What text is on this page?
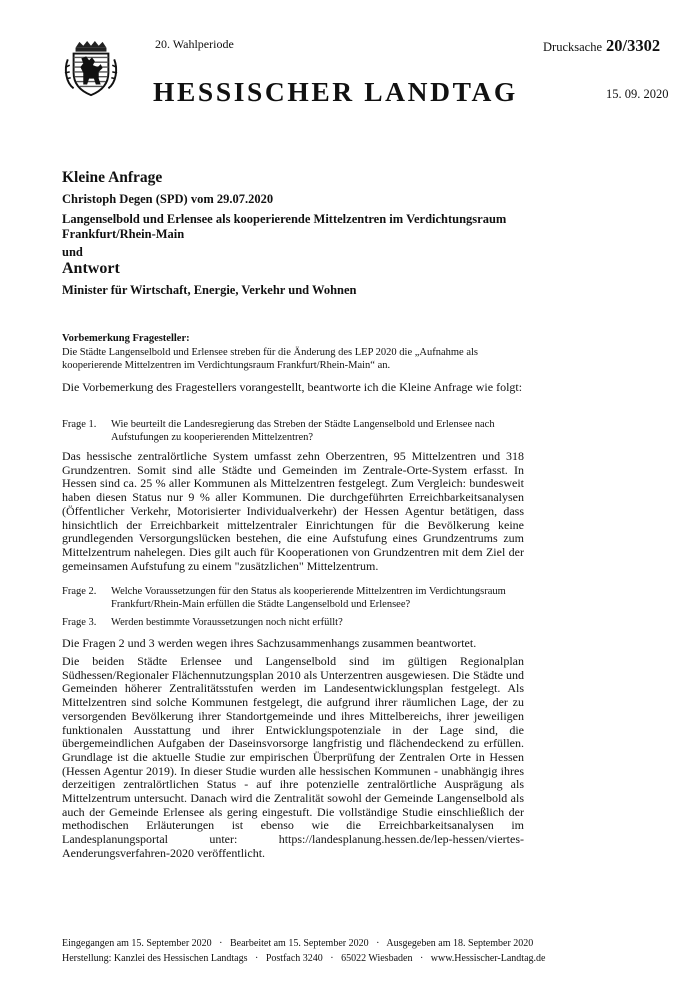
20. Wahlperiode	Drucksache 20/3302
HESSISCHER LANDTAG	15. 09. 2020
Kleine Anfrage
Christoph Degen (SPD) vom 29.07.2020
Langenselbold und Erlensee als kooperierende Mittelzentren im Verdichtungsraum Frankfurt/Rhein-Main
und
Antwort
Minister für Wirtschaft, Energie, Verkehr und Wohnen
Vorbemerkung Fragesteller:
Die Städte Langenselbold und Erlensee streben für die Änderung des LEP 2020 die „Aufnahme als kooperierende Mittelzentren im Verdichtungsraum Frankfurt/Rhein-Main“ an.
Die Vorbemerkung des Fragestellers vorangestellt, beantworte ich die Kleine Anfrage wie folgt:
Frage 1. Wie beurteilt die Landesregierung das Streben der Städte Langenselbold und Erlensee nach Aufstufungen zu kooperierenden Mittelzentren?
Das hessische zentralörtliche System umfasst zehn Oberzentren, 95 Mittelzentren und 318 Grundzentren. Somit sind alle Städte und Gemeinden im Zentrale-Orte-System erfasst. In Hessen sind ca. 25 % aller Kommunen als Mittelzentren festgelegt. Zum Vergleich: bundesweit haben diesen Status nur 9 % aller Kommunen. Die durchgeführten Erreichbarkeitsanalysen (Öffentlicher Verkehr, Motorisierter Individualverkehr) der Hessen Agentur betätigen, dass hinsichtlich der Erreichbarkeit mittelzentraler Einrichtungen für die Bevölkerung keine grundlegenden Versorgungslücken bestehen, die eine Aufstufung eines Grundzentrums zum Mittelzentrum nahelegen. Dies gilt auch für Kooperationen von Grundzentren mit dem Ziel der gemeinsamen Aufstufung zu einem "zusätzlichen" Mittelzentrum.
Frage 2. Welche Voraussetzungen für den Status als kooperierende Mittelzentren im Verdichtungsraum Frankfurt/Rhein-Main erfüllen die Städte Langenselbold und Erlensee?
Frage 3. Werden bestimmte Voraussetzungen noch nicht erfüllt?
Die Fragen 2 und 3 werden wegen ihres Sachzusammenhangs zusammen beantwortet.
Die beiden Städte Erlensee und Langenselbold sind im gültigen Regionalplan Südhessen/Regionaler Flächennutzungsplan 2010 als Unterzentren ausgewiesen. Die Städte und Gemeinden höherer Zentralitätsstufen werden im Landesentwicklungsplan festgelegt. Als Mittelzentren sind solche Kommunen festgelegt, die aufgrund ihrer räumlichen Lage, der zu versorgenden Bevölkerung ihrer Standortgemeinde und ihres Mittelbereichs, ihrer jeweiligen funktionalen Ausstattung und ihrer Entwicklungspotenziale in der Lage sind, die übergemeindlichen Aufgaben der Daseinsvorsorge langfristig und flächendeckend zu erfüllen. Grundlage ist die aktuelle Studie zur empirischen Überprüfung der Zentralen Orte in Hessen (Hessen Agentur 2019). In dieser Studie wurden alle hessischen Kommunen - unabhängig ihres derzeitigen zentralörtlichen Status - auf ihre potenzielle zentralörtliche Ausprägung als Mittelzentrum untersucht. Danach wird die Zentralität sowohl der Gemeinde Langenselbold als auch der Gemeinde Erlensee als gering eingestuft. Die vollständige Studie einschließlich der methodischen Erläuterungen ist ebenso wie die Erreichbarkeitsanalysen im Landesplanungsportal unter: https://landesplanung.hessen.de/lep-hessen/viertes-Aenderungsverfahren-2020 veröffentlicht.
Eingegangen am 15. September 2020   ·   Bearbeitet am 15. September 2020   ·   Ausgegeben am 18. September 2020
Herstellung: Kanzlei des Hessischen Landtags   ·   Postfach 3240   ·   65022 Wiesbaden   ·   www.Hessischer-Landtag.de
